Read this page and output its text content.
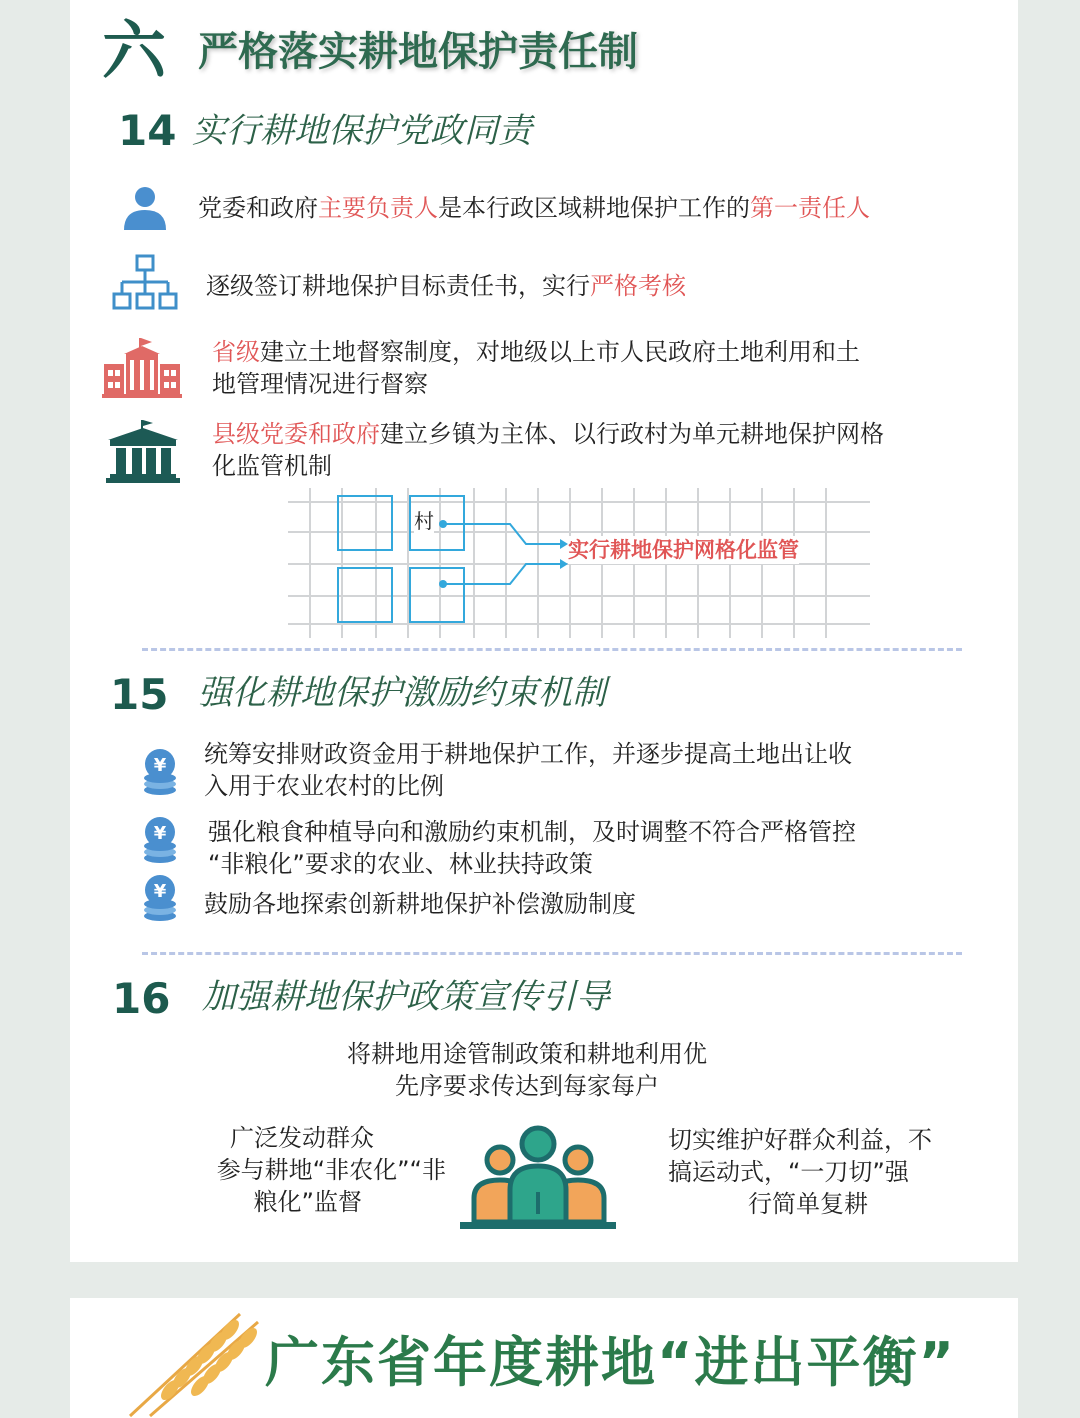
六 严格落实耕地保护责任制
14 实行耕地保护党政同责
党委和政府主要负责人是本行政区域耕地保护工作的第一责任人
逐级签订耕地保护目标责任书，实行严格考核
省级建立土地督察制度，对地级以上市人民政府土地利用和土
地管理情况进行督察
县级党委和政府建立乡镇为主体、以行政村为单元耕地保护网格
化监管机制
村
实行耕地保护网格化监管
15 强化耕地保护激励约束机制
¥ 统筹安排财政资金用于耕地保护工作，并逐步提高土地出让收
入用于农业农村的比例
¥ 强化粮食种植导向和激励约束机制，及时调整不符合严格管控
“非粮化”要求的农业、林业扶持政策
¥ 鼓励各地探索创新耕地保护补偿激励制度
16 加强耕地保护政策宣传引导
将耕地用途管制政策和耕地利用优
先序要求传达到每家每户
广泛发动群众
参与耕地“非农化”“非
粮化”监督
切实维护好群众利益，不
搞运动式，“一刀切”强
行简单复耕
广东省年度耕地“进出平衡”
